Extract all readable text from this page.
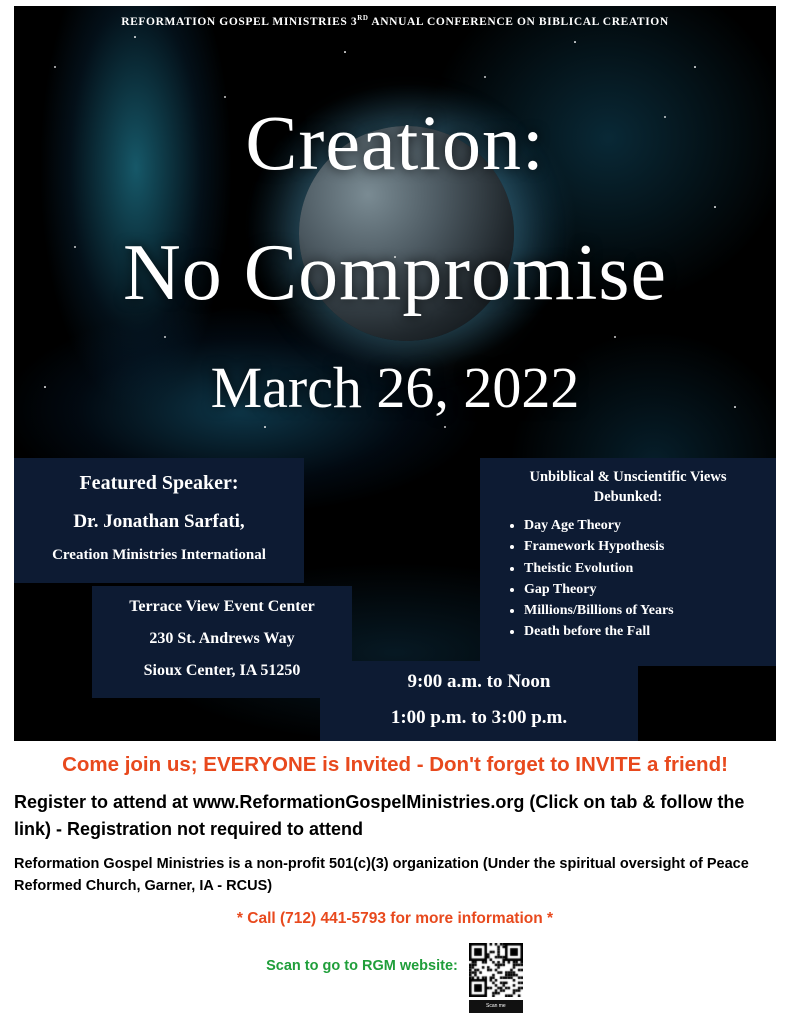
REFORMATION GOSPEL MINISTRIES 3RD ANNUAL CONFERENCE ON BIBLICAL CREATION
Creation:
No Compromise
March 26, 2022
Featured Speaker:
Dr. Jonathan Sarfati,
Creation Ministries International
Unbiblical & Unscientific Views
Debunked:
• Day Age Theory
• Framework Hypothesis
• Theistic Evolution
• Gap Theory
• Millions/Billions of Years
• Death before the Fall
Terrace View Event Center
230 St. Andrews Way
Sioux Center, IA 51250
9:00 a.m. to Noon
1:00 p.m. to 3:00 p.m.
Come join us; EVERYONE is Invited - Don't forget to INVITE a friend!
Register to attend at www.ReformationGospelMinistries.org (Click on tab & follow the link) - Registration not required to attend
Reformation Gospel Ministries is a non-profit 501(c)(3) organization (Under the spiritual oversight of Peace Reformed Church, Garner, IA - RCUS)
* Call (712) 441-5793 for more information *
Scan to go to RGM website:
Scan me
